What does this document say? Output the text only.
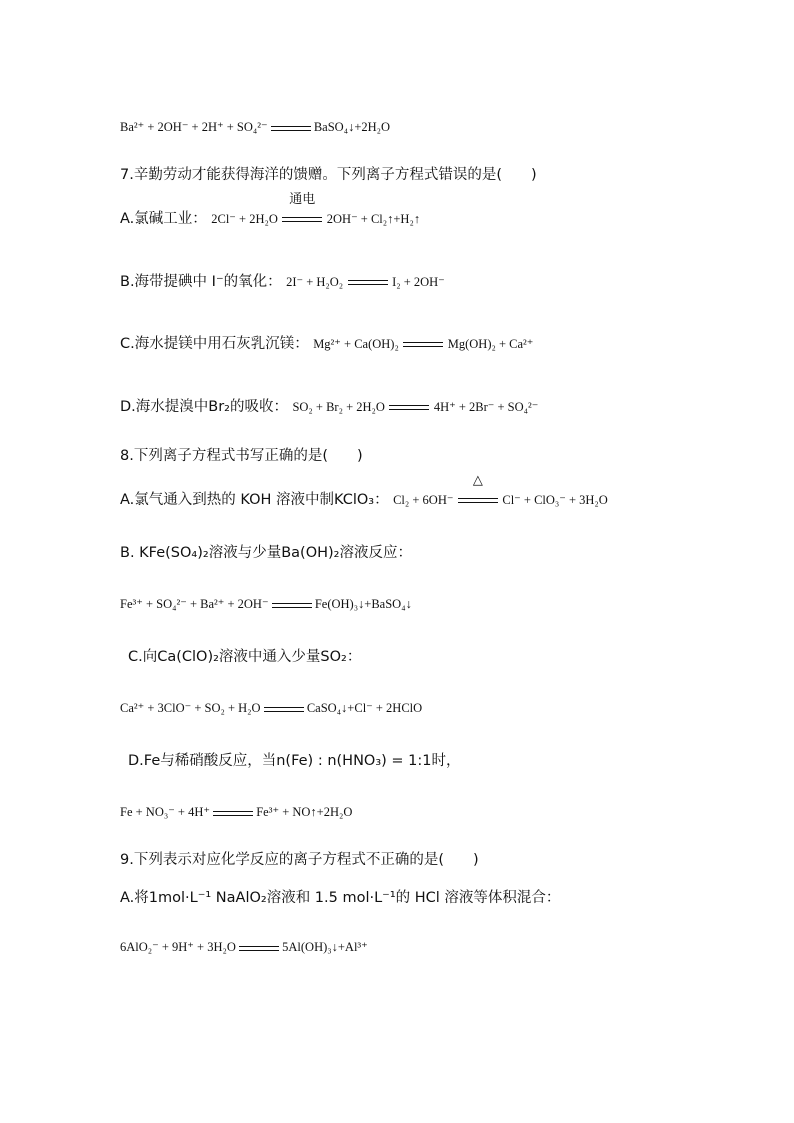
Ba²⁺ + 2OH⁻ + 2H⁺ + SO₄²⁻	BaSO₄↓+2H₂O
7.辛勤劳动才能获得海洋的馈赠。下列离子方程式错误的是(　　)
A.氯碱工业： 2Cl⁻ + 2H₂O
通电
2OH⁻ + Cl₂↑+H₂↑
B.海带提碘中 I⁻的氧化： 2I⁻ + H₂O₂	I₂ + 2OH⁻
C.海水提镁中用石灰乳沉镁： Mg²⁺ + Ca(OH)₂	Mg(OH)₂ + Ca²⁺
D.海水提溴中Br₂的吸收： SO₂ + Br₂ + 2H₂O	4H⁺ + 2Br⁻ + SO₄²⁻
8.下列离子方程式书写正确的是(　　)
A.氯气通入到热的 KOH 溶液中制KClO₃： Cl₂ + 6OH⁻
△
Cl⁻ + ClO₃⁻ + 3H₂O
B. KFe(SO₄)₂溶液与少量Ba(OH)₂溶液反应：
Fe³⁺ + SO₄²⁻ + Ba²⁺ + 2OH⁻	Fe(OH)₃↓+BaSO₄↓
C.向Ca(ClO)₂溶液中通入少量SO₂：
Ca²⁺ + 3ClO⁻ + SO₂ + H₂O	CaSO₄↓+Cl⁻ + 2HClO
D.Fe与稀硝酸反应，当n(Fe) : n(HNO₃) = 1:1时，
Fe + NO₃⁻ + 4H⁺	Fe³⁺ + NO↑+2H₂O
9.下列表示对应化学反应的离子方程式不正确的是(　　)
A.将1mol·L⁻¹ NaAlO₂溶液和 1.5 mol·L⁻¹的 HCl 溶液等体积混合：
6AlO₂⁻ + 9H⁺ + 3H₂O	5Al(OH)₃↓+Al³⁺
